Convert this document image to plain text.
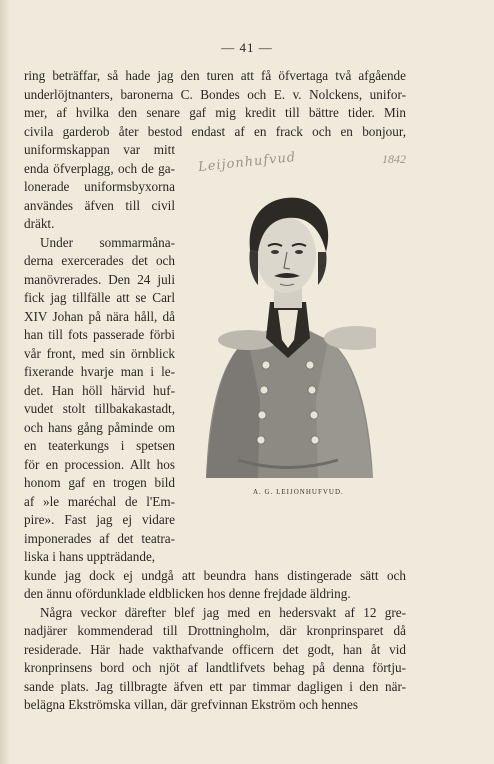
— 41 —
ring beträffar, så hade jag den turen att få öfvertaga två afgående
underlöjtnanters, baronerna C. Bondes och E. v. Nolckens, unifor-
mer, af hvilka den senare gaf mig kredit till bättre tider. Min
civila garderob åter bestod endast af en frack och en bonjour,
uniformskappan var mitt
enda öfverplagg, och de ga-
lonerade uniformsbyxorna
användes äfven till civil
dräkt.
Under sommarmåna-
derna exercerades det och
manövrerades. Den 24 juli
fick jag tillfälle att se Carl
XIV Johan på nära håll, då
han till fots passerade förbi
vår front, med sin örnblick
fixerande hvarje man i le-
det. Han höll härvid huf-
vudet stolt tillbakakastadt,
och hans gång påminde om
en teaterkungs i spetsen
för en procession. Allt hos
honom gaf en trogen bild
af »le maréchal de l'Em-
pire». Fast jag ej vidare
imponerades af det teatra-
liska i hans uppträdande,
kunde jag dock ej undgå att beundra hans distingerade sätt och
den ännu ofördunklade eldblicken hos denne frejdade äldring.
Några veckor därefter blef jag med en hedersvakt af 12 gre-
nadjärer kommenderad till Drottningholm, där kronprinsparet då
residerade. Här hade vakthafvande officern det godt, han åt vid
kronprinsens bord och njöt af landtlifvets behag på denna förtju-
sande plats. Jag tillbragte äfven ett par timmar dagligen i den när-
belägna Ekströmska villan, där grefvinnan Ekström och hennes
Leijonhufvud	1842
A. G. LEIJONHUFVUD.
